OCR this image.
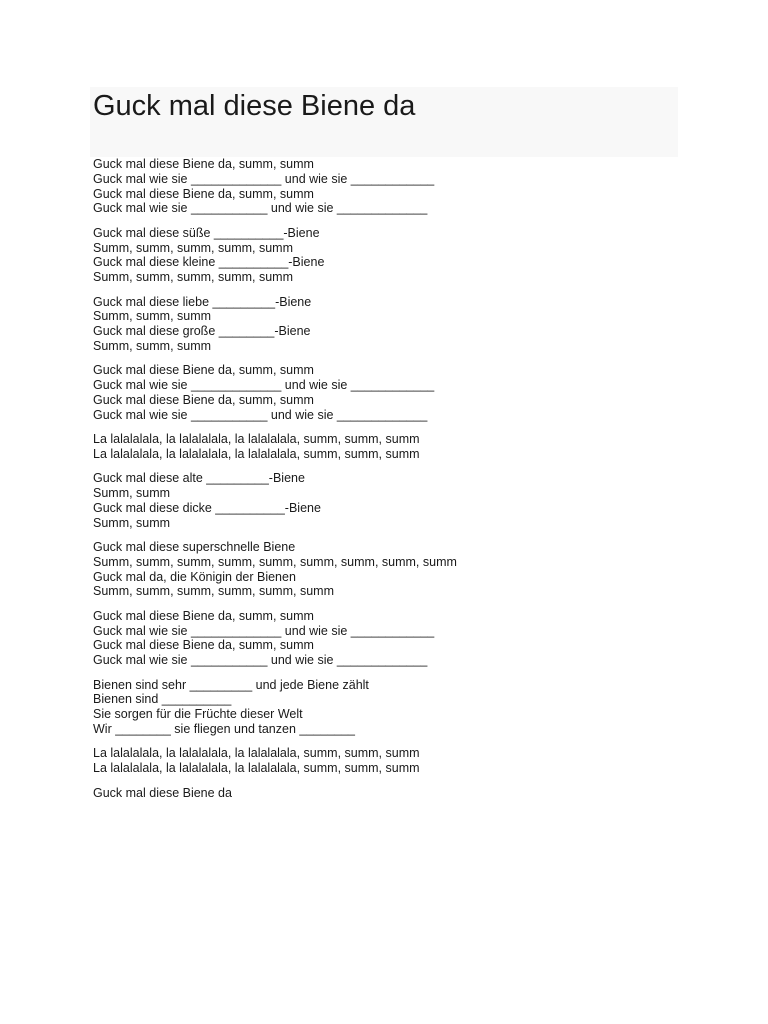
Guck mal diese Biene da
Guck mal diese Biene da, summ, summ
Guck mal wie sie _____________ und wie sie ____________
Guck mal diese Biene da, summ, summ
Guck mal wie sie ___________ und wie sie _____________
Guck mal diese süße __________-Biene
Summ, summ, summ, summ, summ
Guck mal diese kleine __________-Biene
Summ, summ, summ, summ, summ
Guck mal diese liebe _________-Biene
Summ, summ, summ
Guck mal diese große ________-Biene
Summ, summ, summ
Guck mal diese Biene da, summ, summ
Guck mal wie sie _____________ und wie sie ____________
Guck mal diese Biene da, summ, summ
Guck mal wie sie ___________ und wie sie _____________
La lalalalala, la lalalalala, la lalalalala, summ, summ, summ
La lalalalala, la lalalalala, la lalalalala, summ, summ, summ
Guck mal diese alte _________-Biene
Summ, summ
Guck mal diese dicke __________-Biene
Summ, summ
Guck mal diese superschnelle Biene
Summ, summ, summ, summ, summ, summ, summ, summ, summ
Guck mal da, die Königin der Bienen
Summ, summ, summ, summ, summ, summ
Guck mal diese Biene da, summ, summ
Guck mal wie sie _____________ und wie sie ____________
Guck mal diese Biene da, summ, summ
Guck mal wie sie ___________ und wie sie _____________
Bienen sind sehr _________ und jede Biene zählt
Bienen sind __________
Sie sorgen für die Früchte dieser Welt
Wir ________ sie fliegen und tanzen ________
La lalalalala, la lalalalala, la lalalalala, summ, summ, summ
La lalalalala, la lalalalala, la lalalalala, summ, summ, summ
Guck mal diese Biene da
